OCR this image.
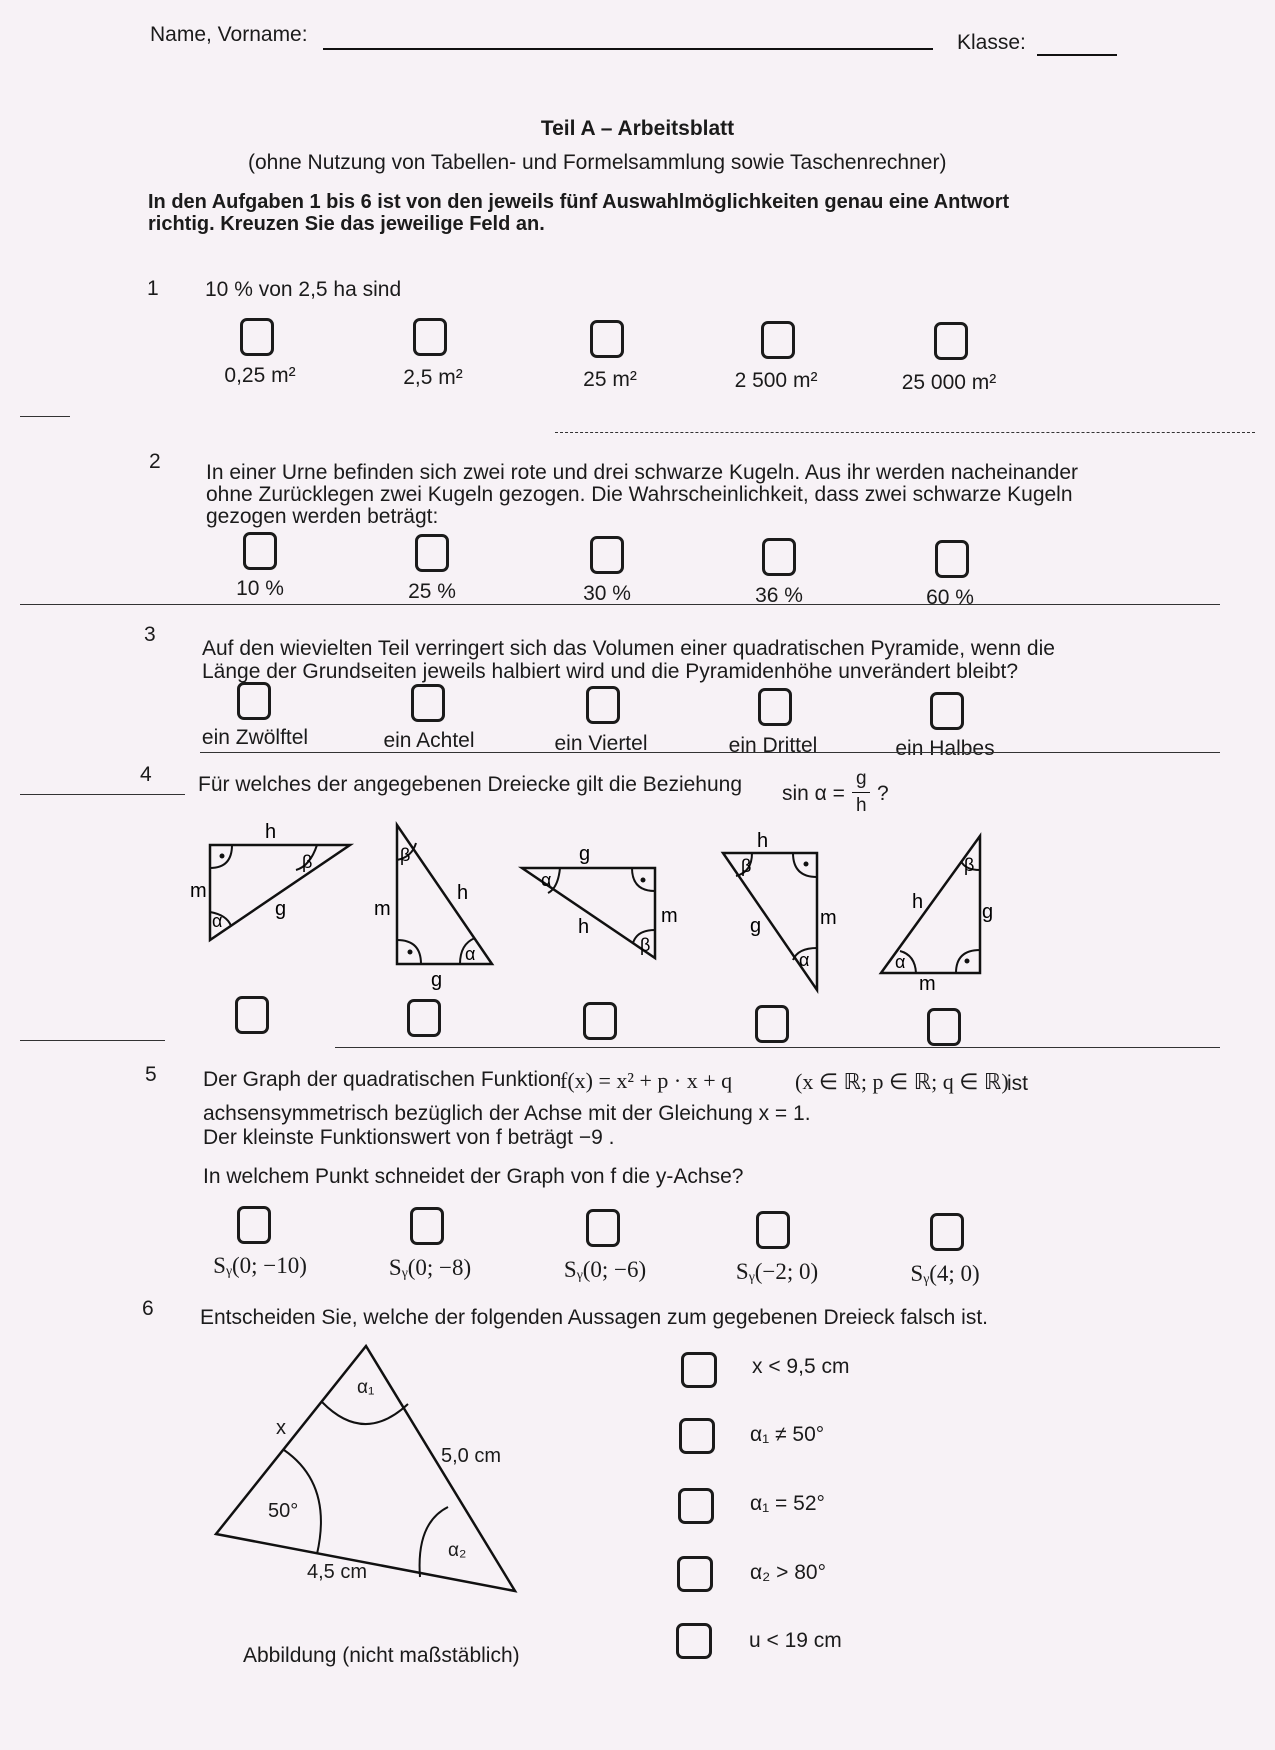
Name, Vorname:	Klasse:
Teil A – Arbeitsblatt
(ohne Nutzung von Tabellen- und Formelsammlung sowie Taschenrechner)
In den Aufgaben 1 bis 6 ist von den jeweils fünf Auswahlmöglichkeiten genau eine Antwort
richtig. Kreuzen Sie das jeweilige Feld an.
1 10 % von 2,5 ha sind
0,25 m²	2,5 m²	25 m²	2 500 m²	25 000 m²
2 In einer Urne befinden sich zwei rote und drei schwarze Kugeln. Aus ihr werden nacheinander
ohne Zurücklegen zwei Kugeln gezogen. Die Wahrscheinlichkeit, dass zwei schwarze Kugeln
gezogen werden beträgt:
10 %	25 %	30 %	36 %	60 %
3
Auf den wievielten Teil verringert sich das Volumen einer quadratischen Pyramide, wenn die
Länge der Grundseiten jeweils halbiert wird und die Pyramidenhöhe unverändert bleibt?
ein Zwölftel	ein Achtel	ein Viertel	ein Drittel	ein Halbes
4 Für welches der angegebenen Dreiecke gilt die Beziehung sin α =
g
h
?
h
m
g
α
β	β
m
h
g
α
g
α
h	m
β
h
β
g	m
α
β
h	g
α
m
5 Der Graph der quadratischen Funktion
f(x) = x² + p · x + q	(x ∈ ℝ; p ∈ ℝ; q ∈ ℝ)
ist
achsensymmetrisch bezüglich der Achse mit der Gleichung x = 1.
Der kleinste Funktionswert von f beträgt −9 .
In welchem Punkt schneidet der Graph von f die y-Achse?
Sᵧ(0; −10)	Sᵧ(0; −8)	Sᵧ(0; −6)	Sᵧ(−2; 0)	Sᵧ(4; 0)
6 Entscheiden Sie, welche der folgenden Aussagen zum gegebenen Dreieck falsch ist.
α₁
x
5,0 cm
50°
α₂
4,5 cm
Abbildung (nicht maßstäblich)
x < 9,5 cm
α₁ ≠ 50°
α₁ = 52°
α₂ > 80°
u < 19 cm
